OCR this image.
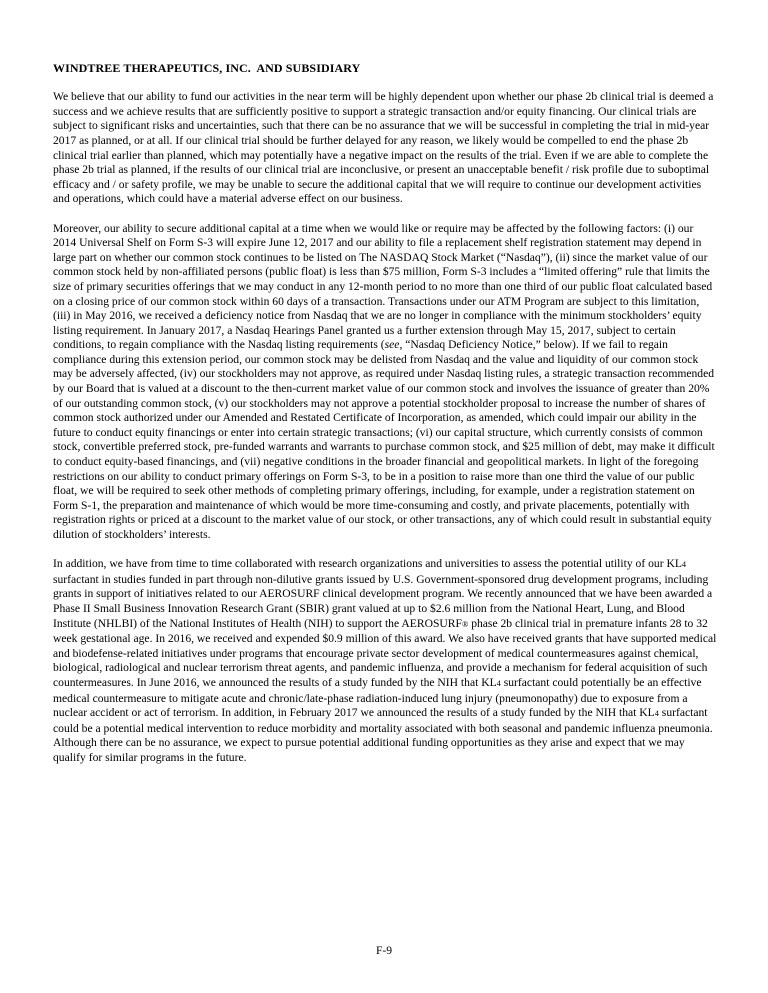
WINDTREE THERAPEUTICS, INC.  AND SUBSIDIARY

We believe that our ability to fund our activities in the near term will be highly dependent upon whether our phase 2b clinical trial is deemed a success and we achieve results that are sufficiently positive to support a strategic transaction and/or equity financing. Our clinical trials are subject to significant risks and uncertainties, such that there can be no assurance that we will be successful in completing the trial in mid-year 2017 as planned, or at all. If our clinical trial should be further delayed for any reason, we likely would be compelled to end the phase 2b clinical trial earlier than planned, which may potentially have a negative impact on the results of the trial. Even if we are able to complete the phase 2b trial as planned, if the results of our clinical trial are inconclusive, or present an unacceptable benefit / risk profile due to suboptimal efficacy and / or safety profile, we may be unable to secure the additional capital that we will require to continue our development activities and operations, which could have a material adverse effect on our business.

Moreover, our ability to secure additional capital at a time when we would like or require may be affected by the following factors: (i) our 2014 Universal Shelf on Form S-3 will expire June 12, 2017 and our ability to file a replacement shelf registration statement may depend in large part on whether our common stock continues to be listed on The NASDAQ Stock Market (“Nasdaq”), (ii) since the market value of our common stock held by non-affiliated persons (public float) is less than $75 million, Form S-3 includes a “limited offering” rule that limits the size of primary securities offerings that we may conduct in any 12-month period to no more than one third of our public float calculated based on a closing price of our common stock within 60 days of a transaction. Transactions under our ATM Program are subject to this limitation, (iii) in May 2016, we received a deficiency notice from Nasdaq that we are no longer in compliance with the minimum stockholders’ equity listing requirement. In January 2017, a Nasdaq Hearings Panel granted us a further extension through May 15, 2017, subject to certain conditions, to regain compliance with the Nasdaq listing requirements (see, “Nasdaq Deficiency Notice,” below). If we fail to regain compliance during this extension period, our common stock may be delisted from Nasdaq and the value and liquidity of our common stock may be adversely affected, (iv) our stockholders may not approve, as required under Nasdaq listing rules, a strategic transaction recommended by our Board that is valued at a discount to the then-current market value of our common stock and involves the issuance of greater than 20% of our outstanding common stock, (v) our stockholders may not approve a potential stockholder proposal to increase the number of shares of common stock authorized under our Amended and Restated Certificate of Incorporation, as amended, which could impair our ability in the future to conduct equity financings or enter into certain strategic transactions; (vi) our capital structure, which currently consists of common stock, convertible preferred stock, pre-funded warrants and warrants to purchase common stock, and $25 million of debt, may make it difficult to conduct equity-based financings, and (vii) negative conditions in the broader financial and geopolitical markets. In light of the foregoing restrictions on our ability to conduct primary offerings on Form S-3, to be in a position to raise more than one third the value of our public float, we will be required to seek other methods of completing primary offerings, including, for example, under a registration statement on Form S-1, the preparation and maintenance of which would be more time-consuming and costly, and private placements, potentially with registration rights or priced at a discount to the market value of our stock, or other transactions, any of which could result in substantial equity dilution of stockholders’ interests.

In addition, we have from time to time collaborated with research organizations and universities to assess the potential utility of our KL4 surfactant in studies funded in part through non-dilutive grants issued by U.S. Government-sponsored drug development programs, including grants in support of initiatives related to our AEROSURF clinical development program. We recently announced that we have been awarded a Phase II Small Business Innovation Research Grant (SBIR) grant valued at up to $2.6 million from the National Heart, Lung, and Blood Institute (NHLBI) of the National Institutes of Health (NIH) to support the AEROSURF® phase 2b clinical trial in premature infants 28 to 32 week gestational age. In 2016, we received and expended $0.9 million of this award. We also have received grants that have supported medical and biodefense-related initiatives under programs that encourage private sector development of medical countermeasures against chemical, biological, radiological and nuclear terrorism threat agents, and pandemic influenza, and provide a mechanism for federal acquisition of such countermeasures. In June 2016, we announced the results of a study funded by the NIH that KL4 surfactant could potentially be an effective medical countermeasure to mitigate acute and chronic/late-phase radiation-induced lung injury (pneumonopathy) due to exposure from a nuclear accident or act of terrorism. In addition, in February 2017 we announced the results of a study funded by the NIH that KL4 surfactant could be a potential medical intervention to reduce morbidity and mortality associated with both seasonal and pandemic influenza pneumonia. Although there can be no assurance, we expect to pursue potential additional funding opportunities as they arise and expect that we may qualify for similar programs in the future.

F-9
